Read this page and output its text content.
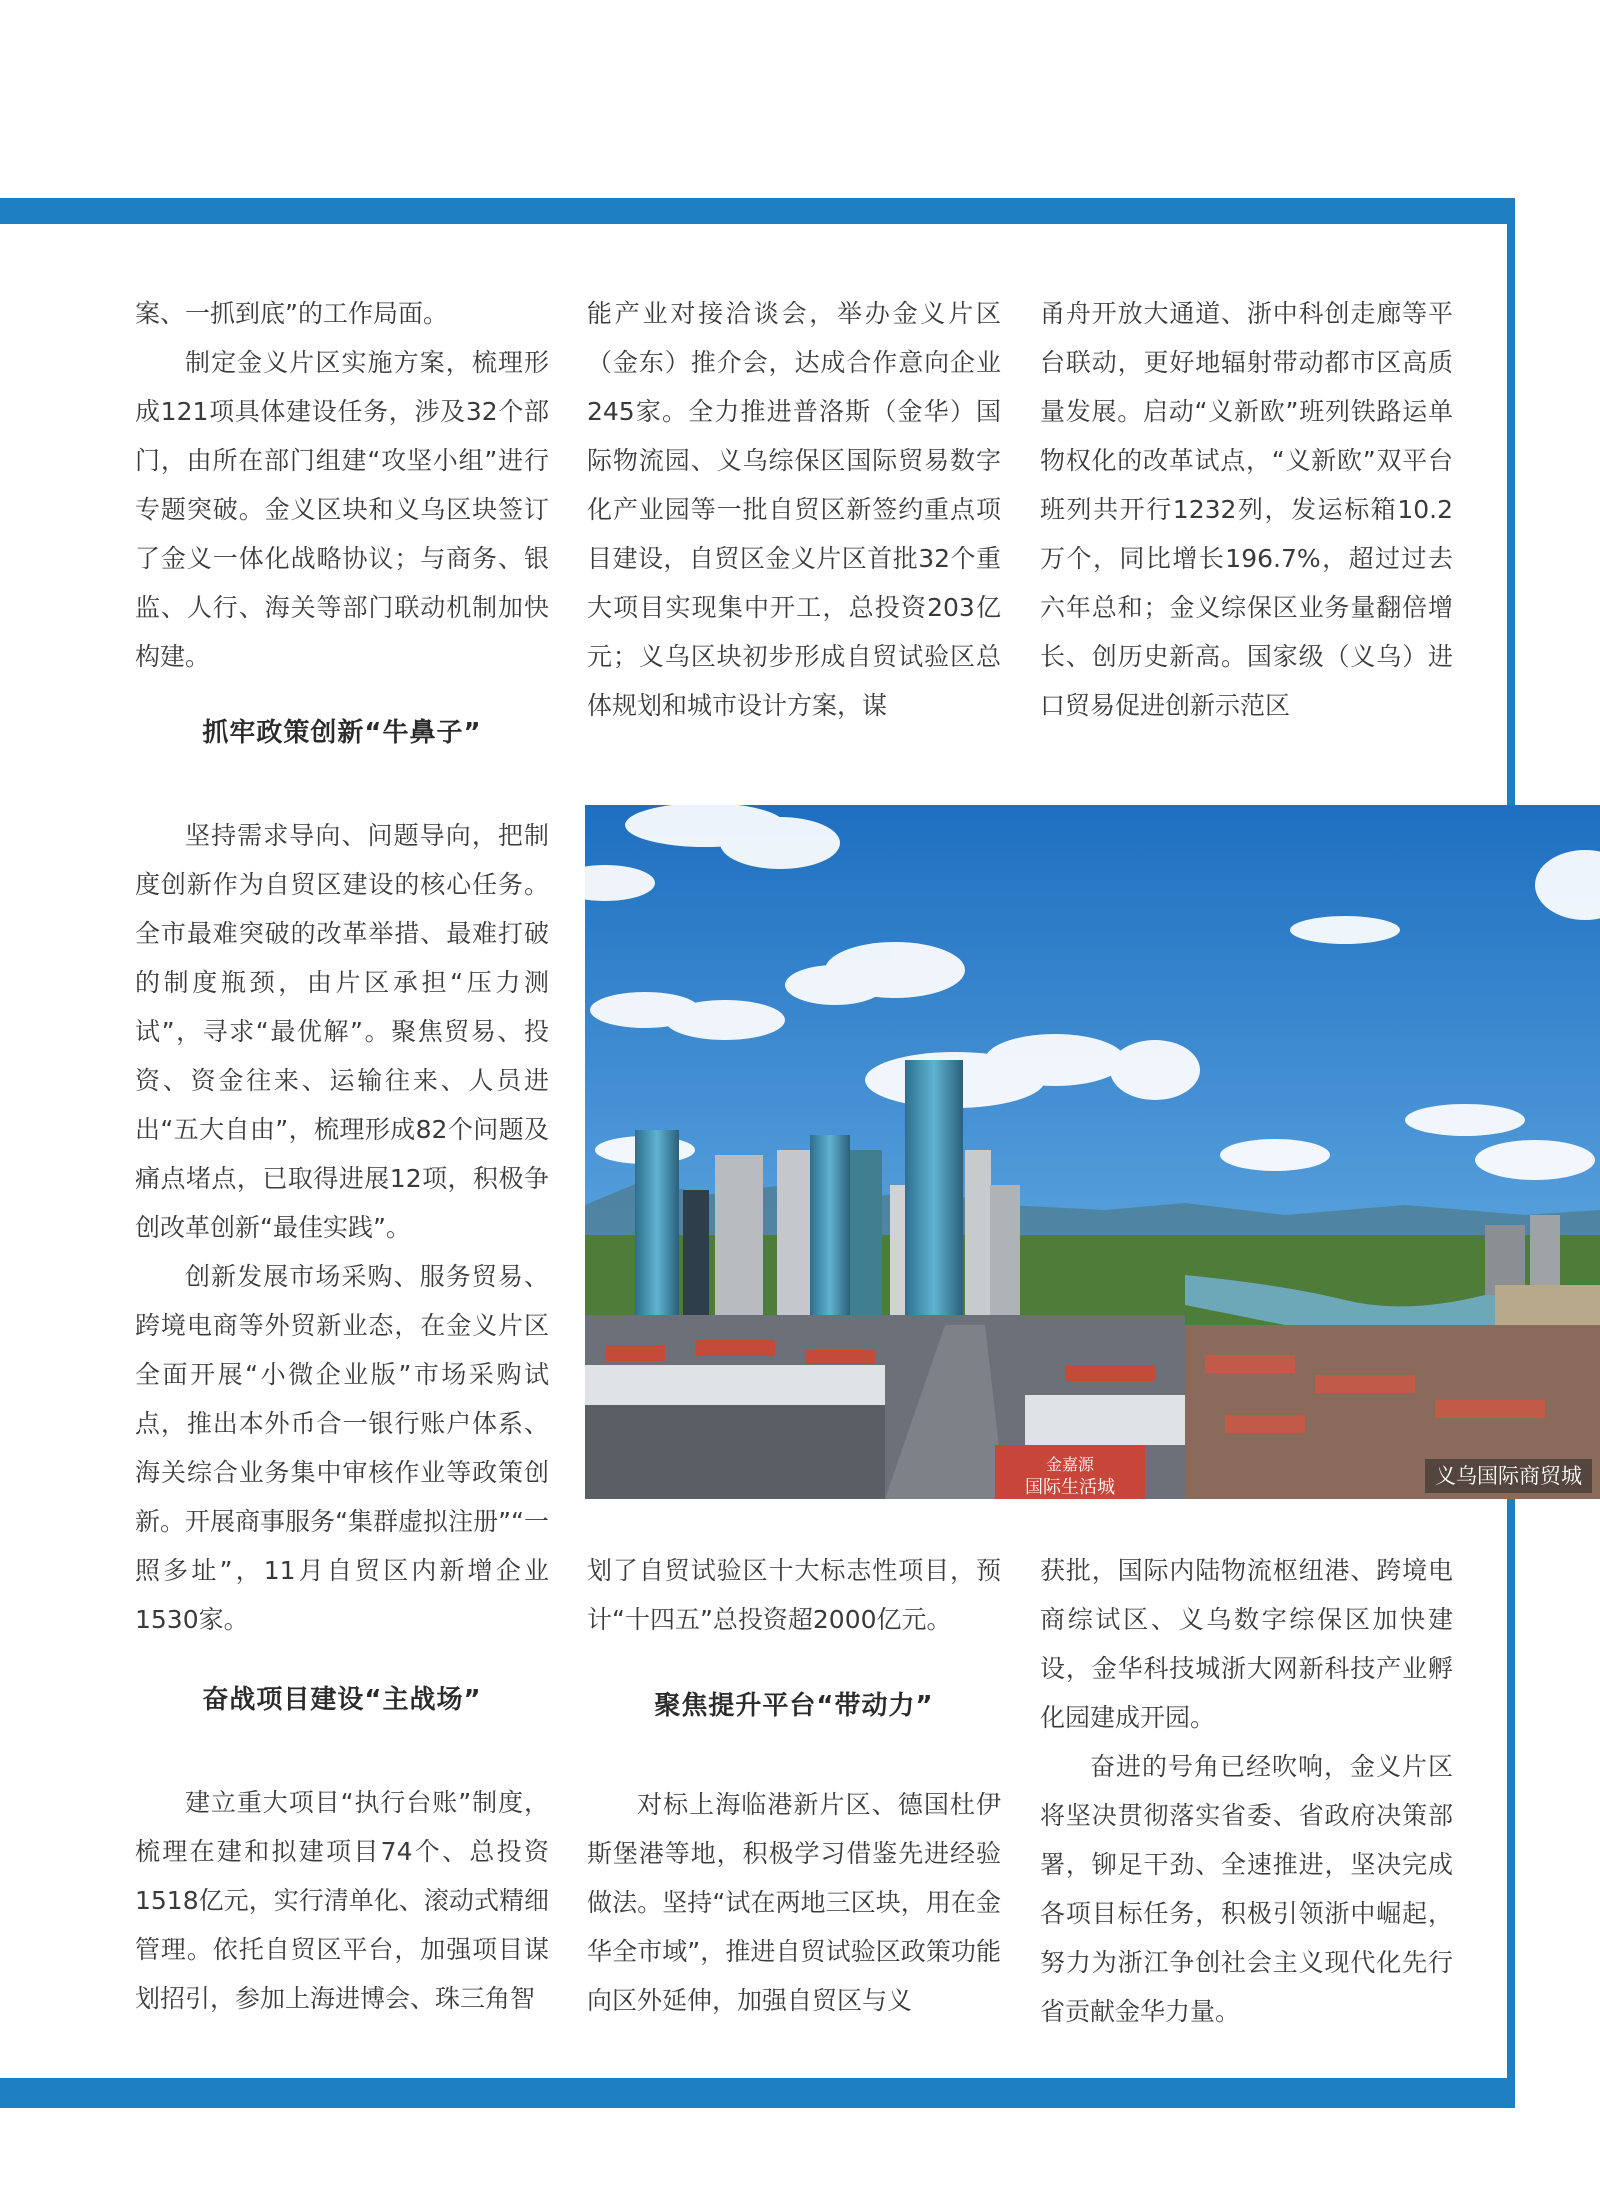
案、一抓到底”的工作局面。

制定金义片区实施方案，梳理形成121项具体建设任务，涉及32个部门，由所在部门组建“攻坚小组”进行专题突破。金义区块和义乌区块签订了金义一体化战略协议；与商务、银监、人行、海关等部门联动机制加快构建。

抓牢政策创新“牛鼻子”

坚持需求导向、问题导向，把制度创新作为自贸区建设的核心任务。全市最难突破的改革举措、最难打破的制度瓶颈，由片区承担“压力测试”，寻求“最优解”。聚焦贸易、投资、资金往来、运输往来、人员进出“五大自由”，梳理形成82个问题及痛点堵点，已取得进展12项，积极争创改革创新“最佳实践”。

创新发展市场采购、服务贸易、跨境电商等外贸新业态，在金义片区全面开展“小微企业版”市场采购试点，推出本外币合一银行账户体系、海关综合业务集中审核作业等政策创新。开展商事服务“集群虚拟注册”“一照多址”，11月自贸区内新增企业1530家。

奋战项目建设“主战场”

建立重大项目“执行台账”制度，梳理在建和拟建项目74个、总投资1518亿元，实行清单化、滚动式精细管理。依托自贸区平台，加强项目谋划招引，参加上海进博会、珠三角智

能产业对接洽谈会，举办金义片区（金东）推介会，达成合作意向企业245家。全力推进普洛斯（金华）国际物流园、义乌综保区国际贸易数字化产业园等一批自贸区新签约重点项目建设，自贸区金义片区首批32个重大项目实现集中开工，总投资203亿元；义乌区块初步形成自贸试验区总体规划和城市设计方案，谋

甬舟开放大通道、浙中科创走廊等平台联动，更好地辐射带动都市区高质量发展。启动“义新欧”班列铁路运单物权化的改革试点，“义新欧”双平台班列共开行1232列，发运标箱10.2万个，同比增长196.7%，超过过去六年总和；金义综保区业务量翻倍增长、创历史新高。国家级（义乌）进口贸易促进创新示范区

金嘉源
国际生活城	义乌国际商贸城

划了自贸试验区十大标志性项目，预计“十四五”总投资超2000亿元。

聚焦提升平台“带动力”

对标上海临港新片区、德国杜伊斯堡港等地，积极学习借鉴先进经验做法。坚持“试在两地三区块，用在金华全市域”，推进自贸试验区政策功能向区外延伸，加强自贸区与义

获批，国际内陆物流枢纽港、跨境电商综试区、义乌数字综保区加快建设，金华科技城浙大网新科技产业孵化园建成开园。

奋进的号角已经吹响，金义片区将坚决贯彻落实省委、省政府决策部署，铆足干劲、全速推进，坚决完成各项目标任务，积极引领浙中崛起，努力为浙江争创社会主义现代化先行省贡献金华力量。
